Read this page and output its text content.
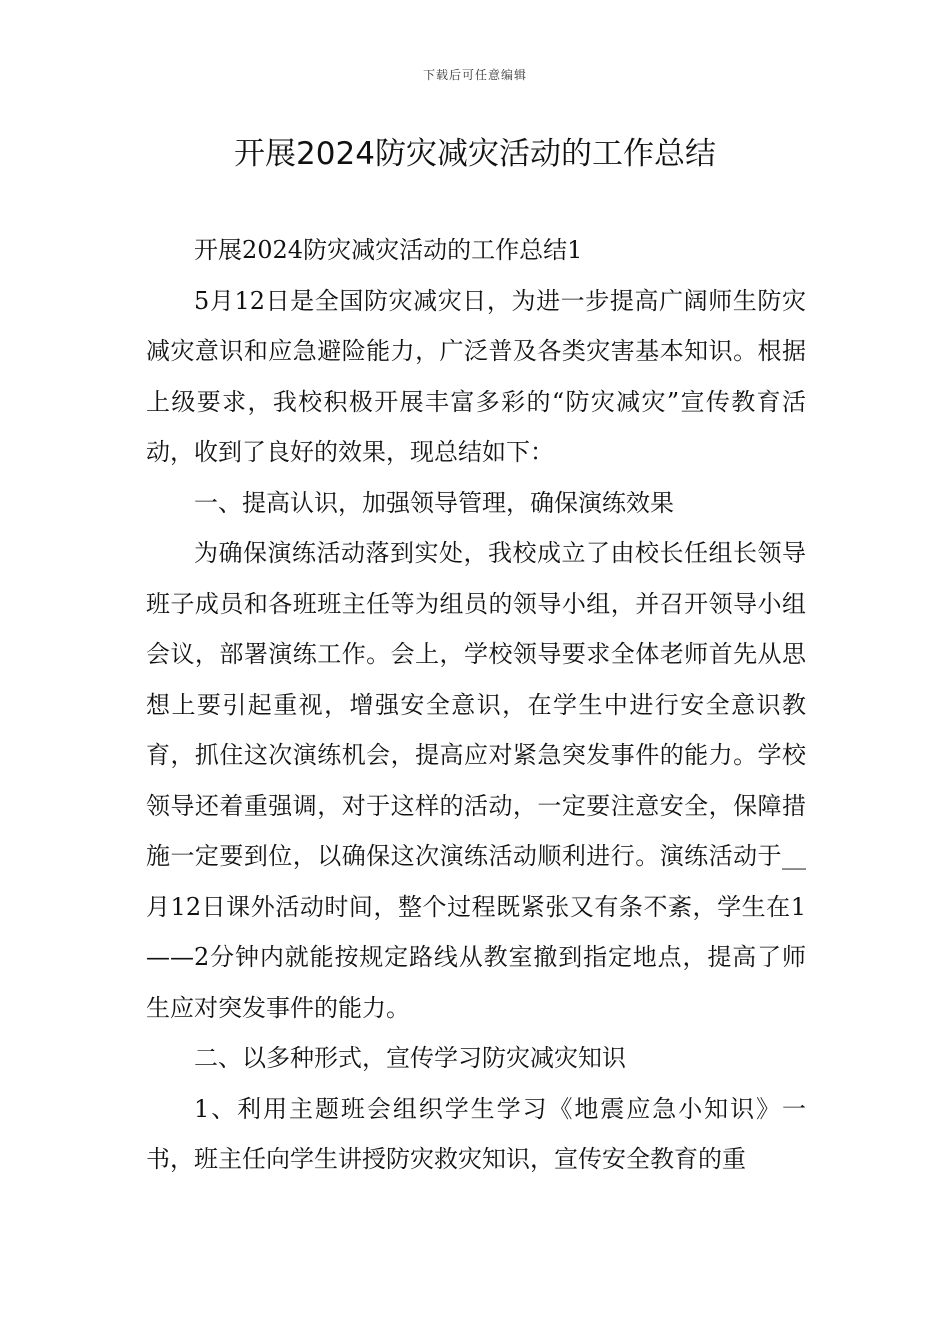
下载后可任意编辑
开展2024防灾减灾活动的工作总结

开展2024防灾减灾活动的工作总结1

5月12日是全国防灾减灾日，为进一步提高广阔师生防灾减灾意识和应急避险能力，广泛普及各类灾害基本知识。根据上级要求，我校积极开展丰富多彩的“防灾减灾”宣传教育活动，收到了良好的效果，现总结如下：

一、提高认识，加强领导管理，确保演练效果

为确保演练活动落到实处，我校成立了由校长任组长领导班子成员和各班班主任等为组员的领导小组，并召开领导小组会议，部署演练工作。会上，学校领导要求全体老师首先从思想上要引起重视，增强安全意识，在学生中进行安全意识教育，抓住这次演练机会，提高应对紧急突发事件的能力。学校领导还着重强调，对于这样的活动，一定要注意安全，保障措施一定要到位，以确保这次演练活动顺利进行。演练活动于__月12日课外活动时间，整个过程既紧张又有条不紊，学生在1——2分钟内就能按规定路线从教室撤到指定地点，提高了师生应对突发事件的能力。

二、以多种形式，宣传学习防灾减灾知识

1、利用主题班会组织学生学习《地震应急小知识》一书，班主任向学生讲授防灾救灾知识，宣传安全教育的重
